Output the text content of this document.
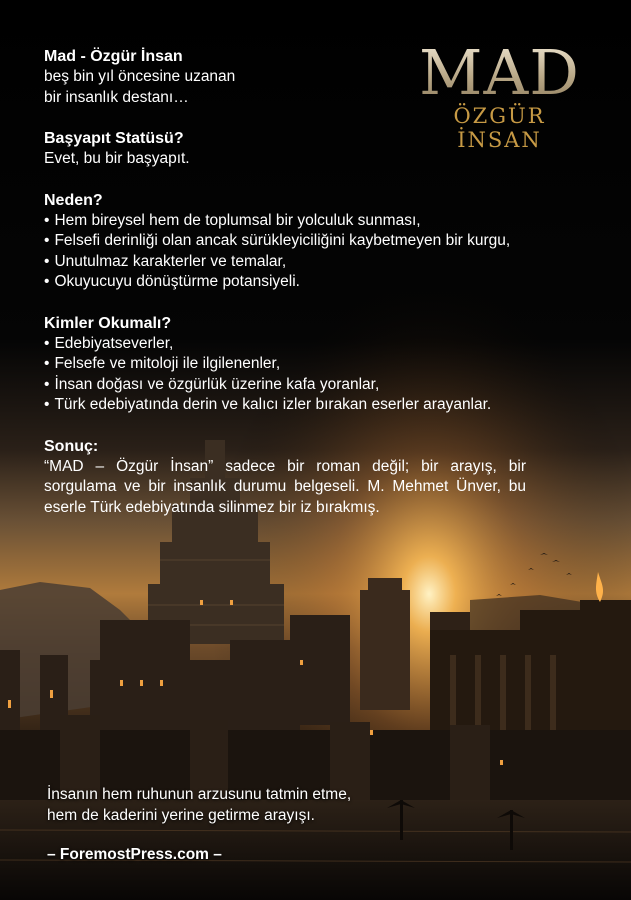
MAD
ÖZGÜR İNSAN
Mad - Özgür İnsan
beş bin yıl öncesine uzanan
bir insanlık destanı…
Başyapıt Statüsü?
Evet, bu bir başyapıt.
Neden?
• Hem bireysel hem de toplumsal bir yolculuk sunması,
• Felsefi derinliği olan ancak sürükleyiciliğini kaybetmeyen bir kurgu,
• Unutulmaz karakterler ve temalar,
• Okuyucuyu dönüştürme potansiyeli.
Kimler Okumalı?
• Edebiyatseverler,
• Felsefe ve mitoloji ile ilgilenenler,
• İnsan doğası ve özgürlük üzerine kafa yoranlar,
• Türk edebiyatında derin ve kalıcı izler bırakan eserler arayanlar.
Sonuç:
“MAD – Özgür İnsan” sadece bir roman değil; bir arayış, bir sorgulama ve bir insanlık durumu belgeseli. M. Mehmet Ünver, bu eserle Türk edebiyatında silinmez bir iz bırakmış.
İnsanın hem ruhunun arzusunu tatmin etme,
hem de kaderini yerine getirme arayışı.
– ForemostPress.com –
